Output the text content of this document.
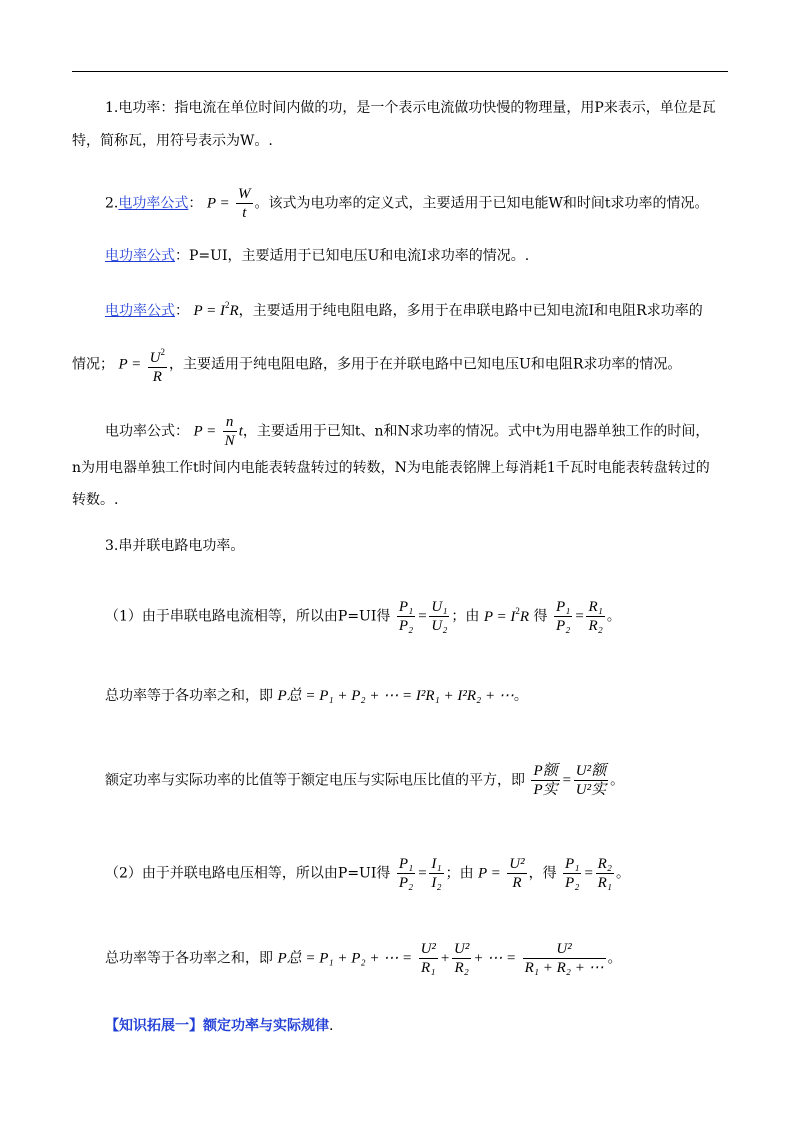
1.电功率：指电流在单位时间内做的功，是一个表示电流做功快慢的物理量，用P来表示，单位是瓦
特，简称瓦，用符号表示为W。.
2.电功率公式： $P = \frac{W}{t}$ 。该式为电功率的定义式，主要适用于已知电能W和时间t求功率的情况。
电功率公式：P=UI，主要适用于已知电压U和电流I求功率的情况。.
电功率公式： $P = I^2R$，主要适用于纯电阻电路，多用于在串联电路中已知电流I和电阻R求功率的
情况； $P = \frac{U^2}{R}$ ，主要适用于纯电阻电路，多用于在并联电路中已知电压U和电阻R求功率的情况。
电功率公式： $P = \frac{n}{N}$ t，主要适用于已知t、n和N求功率的情况。式中t为用电器单独工作的时间，
n为用电器单独工作t时间内电能表转盘转过的转数，N为电能表铭牌上每消耗1千瓦时电能表转盘转过的
转数。.
3.串并联电路电功率。
（1）由于串联电路电流相等，所以由P=UI得 $\frac{\text{P₁}}{\text{P₂}} = \frac{\text{U₁}}{\text{U₂}}$ ；由 $P = I^2R$ 得 $\frac{\text{P₁}}{\text{P₂}} = \frac{\text{R₁}}{\text{R₂}}$ 。
总功率等于各功率之和，即 P总 = P₁ + P₂ + ⋯ = I²R₁ + I²R₂ + ⋯。
额定功率与实际功率的比值等于额定电压与实际电压比值的平方，即 $\frac{\text{P额}}{\text{P实}} = \frac{\text{U²额}}{\text{U²实}}$ 。
（2）由于并联电路电压相等，所以由P=UI得 $\frac{\text{P₁}}{\text{P₂}} = \frac{\text{I₁}}{\text{I₂}}$ ；由 $P = \frac{\text{U²}}{R}$ ，得 $\frac{\text{P₁}}{\text{P₂}} = \frac{\text{R₂}}{\text{R₁}}$ 。
总功率等于各功率之和，即 P总 = P₁ + P₂ + ⋯ = $\frac{\text{U²}}{\text{R₁}} + \frac{\text{U²}}{\text{R₂}}$ + ⋯ = $\frac{\text{U²}}{\text{R₁ + R₂ + ⋯}}$ 。
【知识拓展一】额定功率与实际规律.
